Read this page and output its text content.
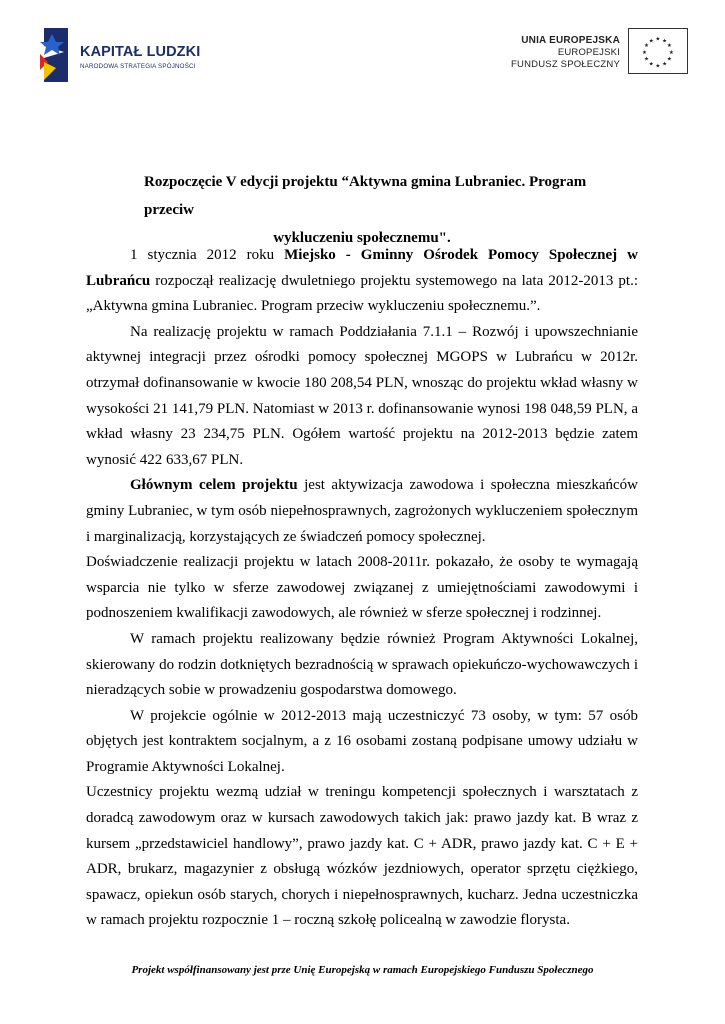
KAPITAŁ LUDZKI
NARODOWA STRATEGIA SPÓJNOŚCI
UNIA EUROPEJSKA
EUROPEJSKI
FUNDUSZ SPOŁECZNY
★ ★
★
★
★
★
★
★
★
★
★
★
Rozpoczęcie V edycji projektu “Aktywna gmina Lubraniec. Program przeciw
wykluczeniu społecznemu".

1 stycznia 2012 roku Miejsko - Gminny Ośrodek Pomocy Społecznej w Lubrańcu rozpoczął realizację dwuletniego projektu systemowego na lata 2012-2013 pt.: „Aktywna gmina Lubraniec. Program przeciw wykluczeniu społecznemu.”.

Na realizację projektu w ramach Poddziałania 7.1.1 – Rozwój i upowszechnianie aktywnej integracji przez ośrodki pomocy społecznej MGOPS w Lubrańcu w 2012r. otrzymał dofinansowanie w kwocie 180 208,54 PLN, wnosząc do projektu wkład własny w wysokości 21 141,79 PLN. Natomiast w 2013 r. dofinansowanie wynosi 198 048,59 PLN, a wkład własny 23 234,75 PLN. Ogółem wartość projektu na 2012-2013 będzie zatem wynosić 422 633,67 PLN.

Głównym celem projektu jest aktywizacja zawodowa i społeczna mieszkańców gminy Lubraniec, w tym osób niepełnosprawnych, zagrożonych wykluczeniem społecznym i marginalizacją, korzystających ze świadczeń pomocy społecznej.

Doświadczenie realizacji projektu w latach 2008-2011r. pokazało, że osoby te wymagają wsparcia nie tylko w sferze zawodowej związanej z umiejętnościami zawodowymi i podnoszeniem kwalifikacji zawodowych, ale również w sferze społecznej i rodzinnej.

W ramach projektu realizowany będzie również Program Aktywności Lokalnej, skierowany do rodzin dotkniętych bezradnością w sprawach opiekuńczo-wychowawczych i nieradzących sobie w prowadzeniu gospodarstwa domowego.

W projekcie ogólnie w 2012-2013 mają uczestniczyć 73 osoby, w tym: 57 osób objętych jest kontraktem socjalnym, a z 16 osobami zostaną podpisane umowy udziału w Programie Aktywności Lokalnej.

Uczestnicy projektu wezmą udział w treningu kompetencji społecznych i warsztatach z doradcą zawodowym oraz w kursach zawodowych takich jak: prawo jazdy kat. B wraz z kursem „przedstawiciel handlowy”, prawo jazdy kat. C + ADR, prawo jazdy kat. C + E + ADR, brukarz, magazynier z obsługą wózków jezdniowych, operator sprzętu ciężkiego, spawacz, opiekun osób starych, chorych i niepełnosprawnych, kucharz. Jedna uczestniczka w ramach projektu rozpocznie 1 – roczną szkołę policealną w zawodzie florysta.

Projekt współfinansowany jest prze Unię Europejską w ramach Europejskiego Funduszu Społecznego
